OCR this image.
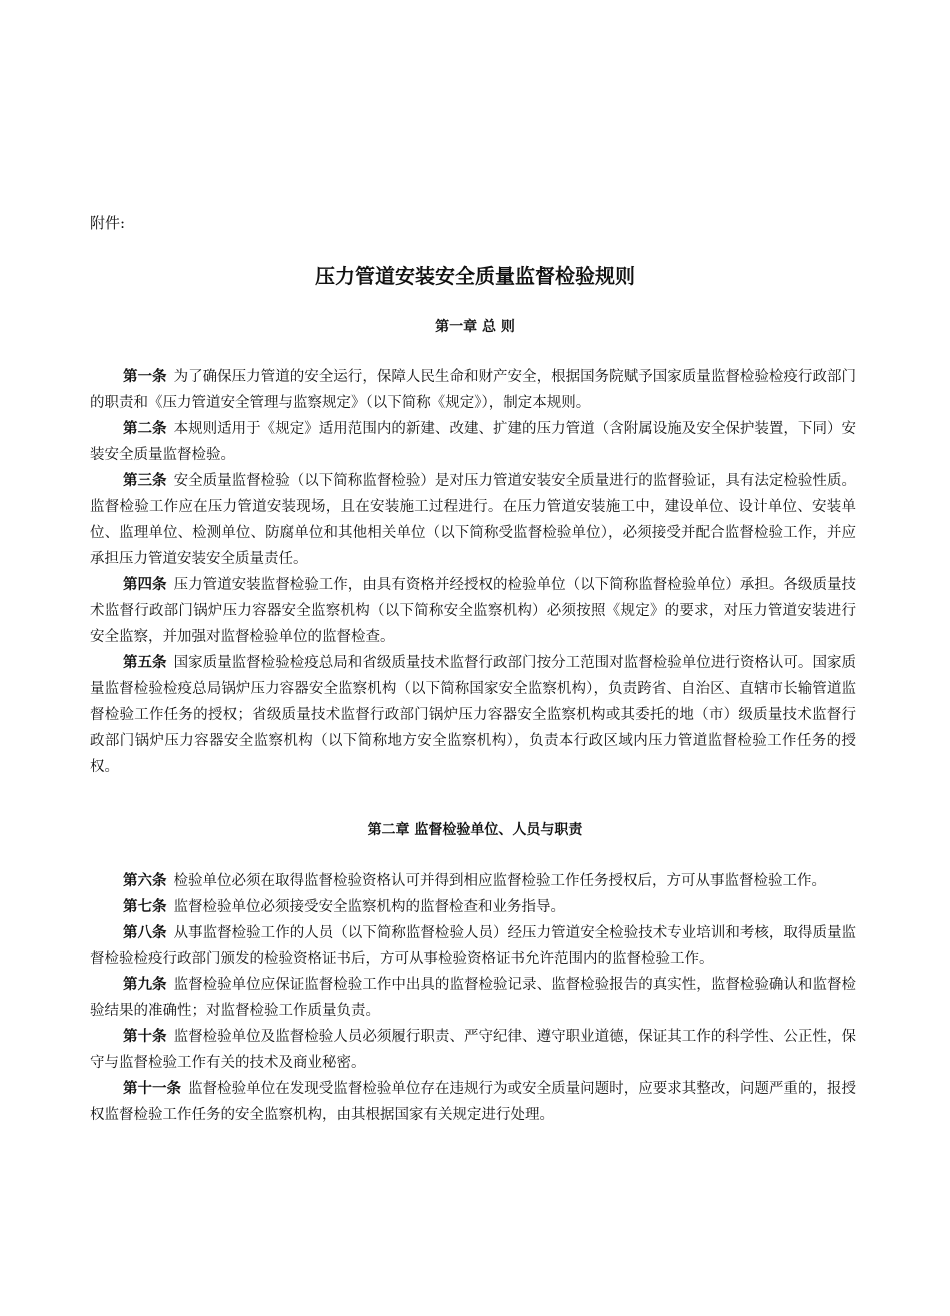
附件:
压力管道安装安全质量监督检验规则
第一章 总 则

第一条 为了确保压力管道的安全运行，保障人民生命和财产安全，根据国务院赋予国家质量监督检验检疫行政部门的职责和《压力管道安全管理与监察规定》（以下简称《规定》），制定本规则。

第二条 本规则适用于《规定》适用范围内的新建、改建、扩建的压力管道（含附属设施及安全保护装置，下同）安装安全质量监督检验。

第三条 安全质量监督检验（以下简称监督检验）是对压力管道安装安全质量进行的监督验证，具有法定检验性质。监督检验工作应在压力管道安装现场，且在安装施工过程进行。在压力管道安装施工中，建设单位、设计单位、安装单位、监理单位、检测单位、防腐单位和其他相关单位（以下简称受监督检验单位），必须接受并配合监督检验工作，并应承担压力管道安装安全质量责任。

第四条 压力管道安装监督检验工作，由具有资格并经授权的检验单位（以下简称监督检验单位）承担。各级质量技术监督行政部门锅炉压力容器安全监察机构（以下简称安全监察机构）必须按照《规定》的要求，对压力管道安装进行安全监察，并加强对监督检验单位的监督检查。

第五条 国家质量监督检验检疫总局和省级质量技术监督行政部门按分工范围对监督检验单位进行资格认可。国家质量监督检验检疫总局锅炉压力容器安全监察机构（以下简称国家安全监察机构），负责跨省、自治区、直辖市长输管道监督检验工作任务的授权；省级质量技术监督行政部门锅炉压力容器安全监察机构或其委托的地（市）级质量技术监督行政部门锅炉压力容器安全监察机构（以下简称地方安全监察机构），负责本行政区域内压力管道监督检验工作任务的授权。

第二章 监督检验单位、人员与职责

第六条 检验单位必须在取得监督检验资格认可并得到相应监督检验工作任务授权后，方可从事监督检验工作。

第七条 监督检验单位必须接受安全监察机构的监督检查和业务指导。

第八条 从事监督检验工作的人员（以下简称监督检验人员）经压力管道安全检验技术专业培训和考核，取得质量监督检验检疫行政部门颁发的检验资格证书后，方可从事检验资格证书允许范围内的监督检验工作。

第九条 监督检验单位应保证监督检验工作中出具的监督检验记录、监督检验报告的真实性，监督检验确认和监督检验结果的准确性；对监督检验工作质量负责。

第十条 监督检验单位及监督检验人员必须履行职责、严守纪律、遵守职业道德，保证其工作的科学性、公正性，保守与监督检验工作有关的技术及商业秘密。

第十一条 监督检验单位在发现受监督检验单位存在违规行为或安全质量问题时，应要求其整改，问题严重的，报授权监督检验工作任务的安全监察机构，由其根据国家有关规定进行处理。
